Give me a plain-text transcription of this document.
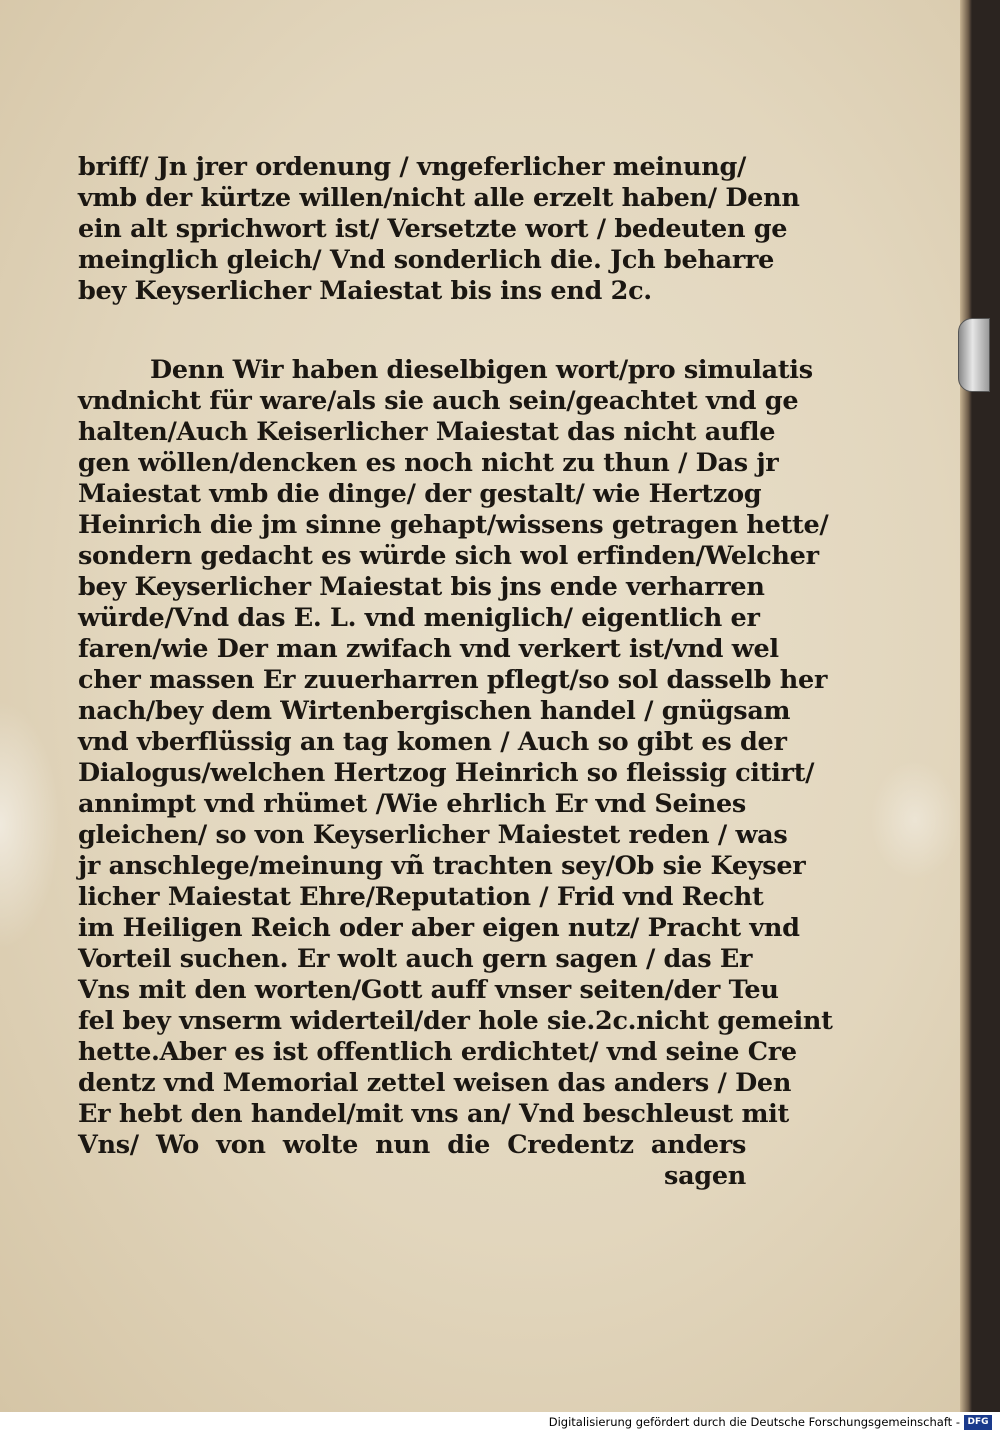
briff/ Jn jrer ordenung / vngeferlicher meinung/
vmb der kürtze willen/nicht alle erzelt haben/ Denn
ein alt sprichwort ist/ Versetzte wort / bedeuten ge
meinglich gleich/ Vnd sonderlich die. Jch beharre
bey Keyserlicher Maiestat bis ins end 2c.
Denn Wir haben dieselbigen wort/pro simulatis
vndnicht für ware/als sie auch sein/geachtet vnd ge
halten/Auch Keiserlicher Maiestat das nicht aufle
gen wöllen/dencken es noch nicht zu thun / Das jr
Maiestat vmb die dinge/ der gestalt/ wie Hertzog
Heinrich die jm sinne gehapt/wissens getragen hette/
sondern gedacht es würde sich wol erfinden/Welcher
bey Keyserlicher Maiestat bis jns ende verharren
würde/Vnd das E. L. vnd meniglich/ eigentlich er
faren/wie Der man zwifach vnd verkert ist/vnd wel
cher massen Er zuuerharren pflegt/so sol dasselb her
nach/bey dem Wirtenbergischen handel / gnügsam
vnd vberflüssig an tag komen / Auch so gibt es der
Dialogus/welchen Hertzog Heinrich so fleissig citirt/
annimpt vnd rhümet /Wie ehrlich Er vnd Seines
gleichen/ so von Keyserlicher Maiestet reden / was
jr anschlege/meinung vñ trachten sey/Ob sie Keyser
licher Maiestat Ehre/Reputation / Frid vnd Recht
im Heiligen Reich oder aber eigen nutz/ Pracht vnd
Vorteil suchen. Er wolt auch gern sagen / das Er
Vns mit den worten/Gott auff vnser seiten/der Teu
fel bey vnserm widerteil/der hole sie.2c.nicht gemeint
hette.Aber es ist offentlich erdichtet/ vnd seine Cre
dentz vnd Memorial zettel weisen das anders / Den
Er hebt den handel/mit vns an/ Vnd beschleust mit
Vns/ Wo von wolte nun die Credentz anders
sagen
Digitalisierung gefördert durch die Deutsche Forschungsgemeinschaft - DFG
